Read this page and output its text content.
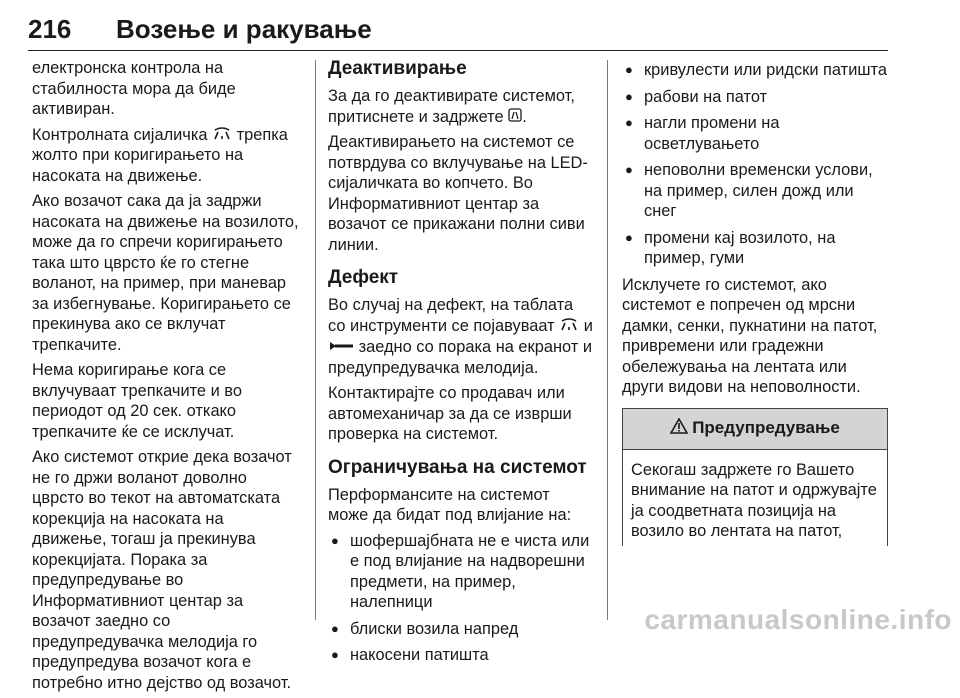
216 Возење и ракување

електронска контрола на стабилноста мора да биде активиран.

Контролната сијаличка трепка жолто при коригирањето на насоката на движење.

Ако возачот сака да ја задржи насоката на движење на возилото, може да го спречи коригирањето така што цврсто ќе го стегне воланот, на пример, при маневар за избегнување. Коригирањето се прекинува ако се вклучат трепкачите.

Нема коригирање кога се вклучуваат трепкачите и во периодот од 20 сек. откако трепкачите ќе се исклучат.

Ако системот открие дека возачот не го држи воланот доволно цврсто во текот на автоматската корекција на насоката на движење, тогаш ја прекинува корекцијата. Порака за предупредување во Информативниот центар за возачот заедно со предупредувачка мелодија го предупредува возачот кога е потребно итно дејство од возачот.

Деактивирање

За да го деактивирате системот, притиснете и задржете .

Деактивирањето на системот се потврдува со вклучување на LED-сијаличката во копчето. Во Информативниот центар за возачот се прикажани полни сиви линии.

Дефект

Во случај на дефект, на таблата со инструменти се појавуваат и  заедно со порака на екранот и предупредувачка мелодија.

Контактирајте со продавач или автомеханичар за да се изврши проверка на системот.

Ограничувања на системот

Перформансите на системот може да бидат под влијание на:

● шофершајбната не е чиста или е под влијание на надворешни предмети, на пример, налепници
● блиски возила напред
● накосени патишта
● кривулести или ридски патишта
● рабови на патот
● нагли промени на осветлувањето
● неповолни временски услови, на пример, силен дожд или снег
● промени кај возилото, на пример, гуми

Исклучете го системот, ако системот е попречен од мрсни дамки, сенки, пукнатини на патот, привремени или градежни обележувања на лентата или други видови на неповолности.

Предупредување
Секогаш задржете го Вашето внимание на патот и одржувајте ја соодветната позиција на возило во лентата на патот,
carmanualsonline.info
